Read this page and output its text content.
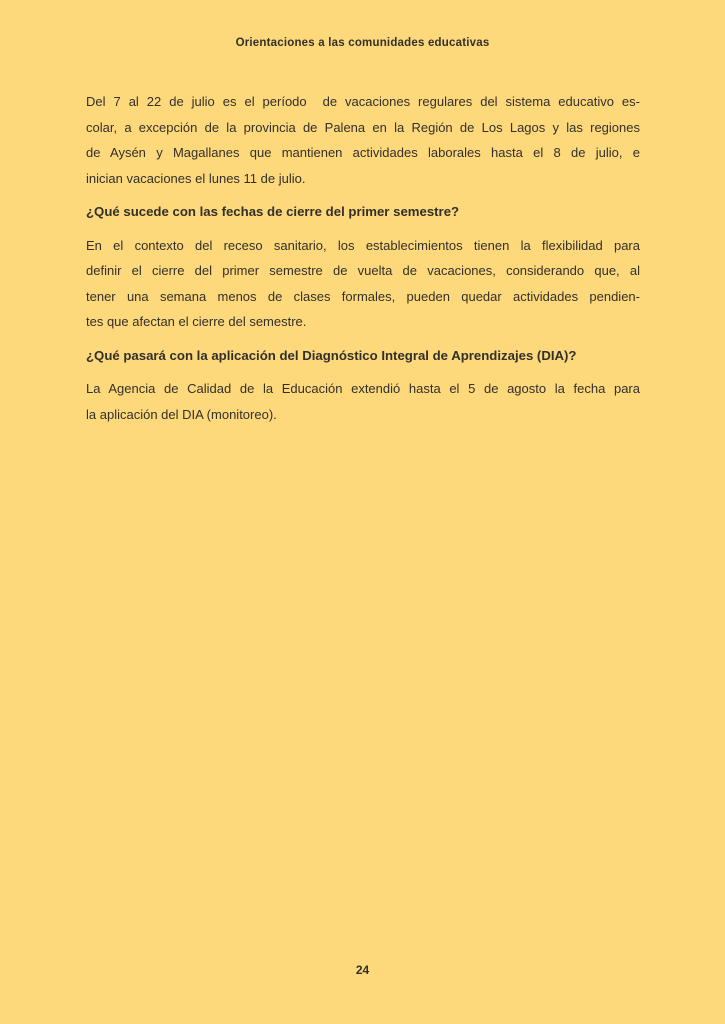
Orientaciones a las comunidades educativas
Del 7 al 22 de julio es el período  de vacaciones regulares del sistema educativo es-
colar, a excepción de la provincia de Palena en la Región de Los Lagos y las regiones
de Aysén y Magallanes que mantienen actividades laborales hasta el 8 de julio, e
inician vacaciones el lunes 11 de julio.
¿Qué sucede con las fechas de cierre del primer semestre?
En el contexto del receso sanitario, los establecimientos tienen la flexibilidad para
definir el cierre del primer semestre de vuelta de vacaciones, considerando que, al
tener una semana menos de clases formales, pueden quedar actividades pendien-
tes que afectan el cierre del semestre.
¿Qué pasará con la aplicación del Diagnóstico Integral de Aprendizajes (DIA)?
La Agencia de Calidad de la Educación extendió hasta el 5 de agosto la fecha para
la aplicación del DIA (monitoreo).
24
